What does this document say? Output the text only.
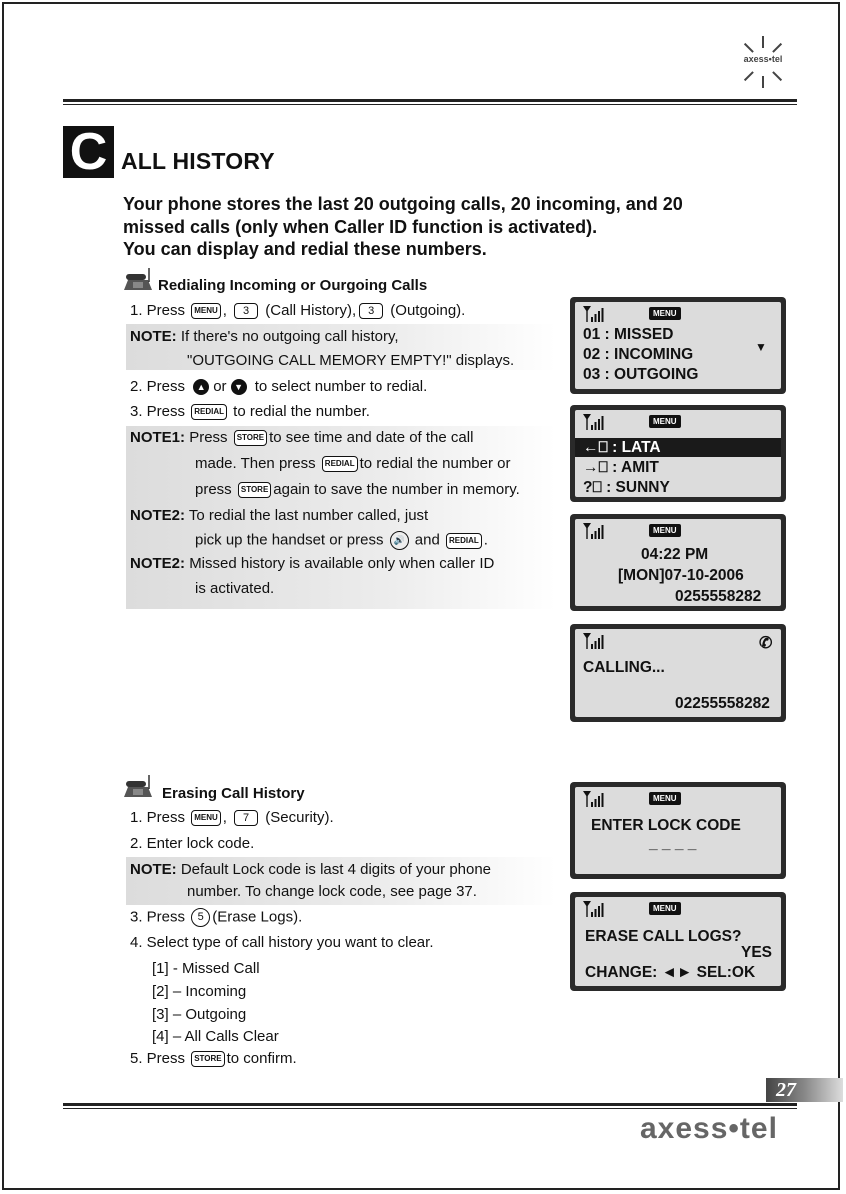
axess•tel
C ALL HISTORY
Your phone stores the last 20 outgoing calls, 20 incoming, and 20
missed calls (only when Caller ID function is activated).
You can display and redial these numbers.
Redialing Incoming or Ourgoing Calls
1. Press MENU , 3 (Call History), 3 (Outgoing).
NOTE: If there's no outgoing call history,
"OUTGOING CALL MEMORY EMPTY!" displays.
2. Press ▲ or ▼ to select number to redial.
3. Press REDIAL to redial the number.
NOTE1: Press STORE to see time and date of the call
made. Then press REDIAL to redial the number or
press STORE again to save the number in memory.
NOTE2: To redial the last number called, just
pick up the handset or press 🔊 and REDIAL .
NOTE2: Missed history is available only when caller ID
is activated.
Erasing Call History
1. Press MENU , 7 (Security).
2. Enter lock code.
NOTE: Default Lock code is last 4 digits of your phone
number. To change lock code, see page 37.
3. Press 5 (Erase Logs).
4. Select type of call history you want to clear.
[1] - Missed Call
[2] – Incoming
[3] – Outgoing
[4] – All Calls Clear
5. Press STORE to confirm.
MENU
01 : MISSED
02 : INCOMING
03 : OUTGOING
▼
MENU
←⎕ : LATA
→⎕ : AMIT
?⎕ : SUNNY
MENU
04:22 PM
[MON]07-10-2006
0255558282
✆
CALLING...
02255558282
MENU
ENTER LOCK CODE
_ _ _ _
MENU
ERASE CALL LOGS?
YES
CHANGE: ◄► SEL:OK
27
axess•tel
